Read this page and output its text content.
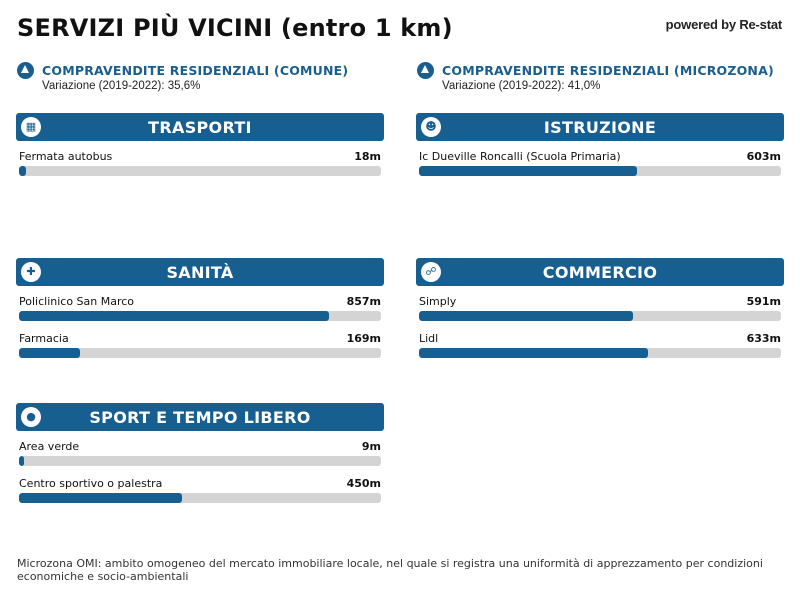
SERVIZI PIÙ VICINI (entro 1 km)	powered by Re-stat
COMPRAVENDITE RESIDENZIALI (COMUNE)
Variazione (2019-2022): 35,6%
COMPRAVENDITE RESIDENZIALI (MICROZONA)
Variazione (2019-2022): 41,0%
▦	TRASPORTI
Fermata autobus	18m
☻	ISTRUZIONE
Ic Dueville Roncalli (Scuola Primaria)	603m
✚	SANITÀ
Policlinico San Marco	857m
Farmacia	169m
☍	COMMERCIO
Simply	591m
Lidl	633m
●	SPORT E TEMPO LIBERO
Area verde	9m
Centro sportivo o palestra	450m
Microzona OMI: ambito omogeneo del mercato immobiliare locale, nel quale si registra una uniformità di apprezzamento per condizioni economiche e socio-ambientali
